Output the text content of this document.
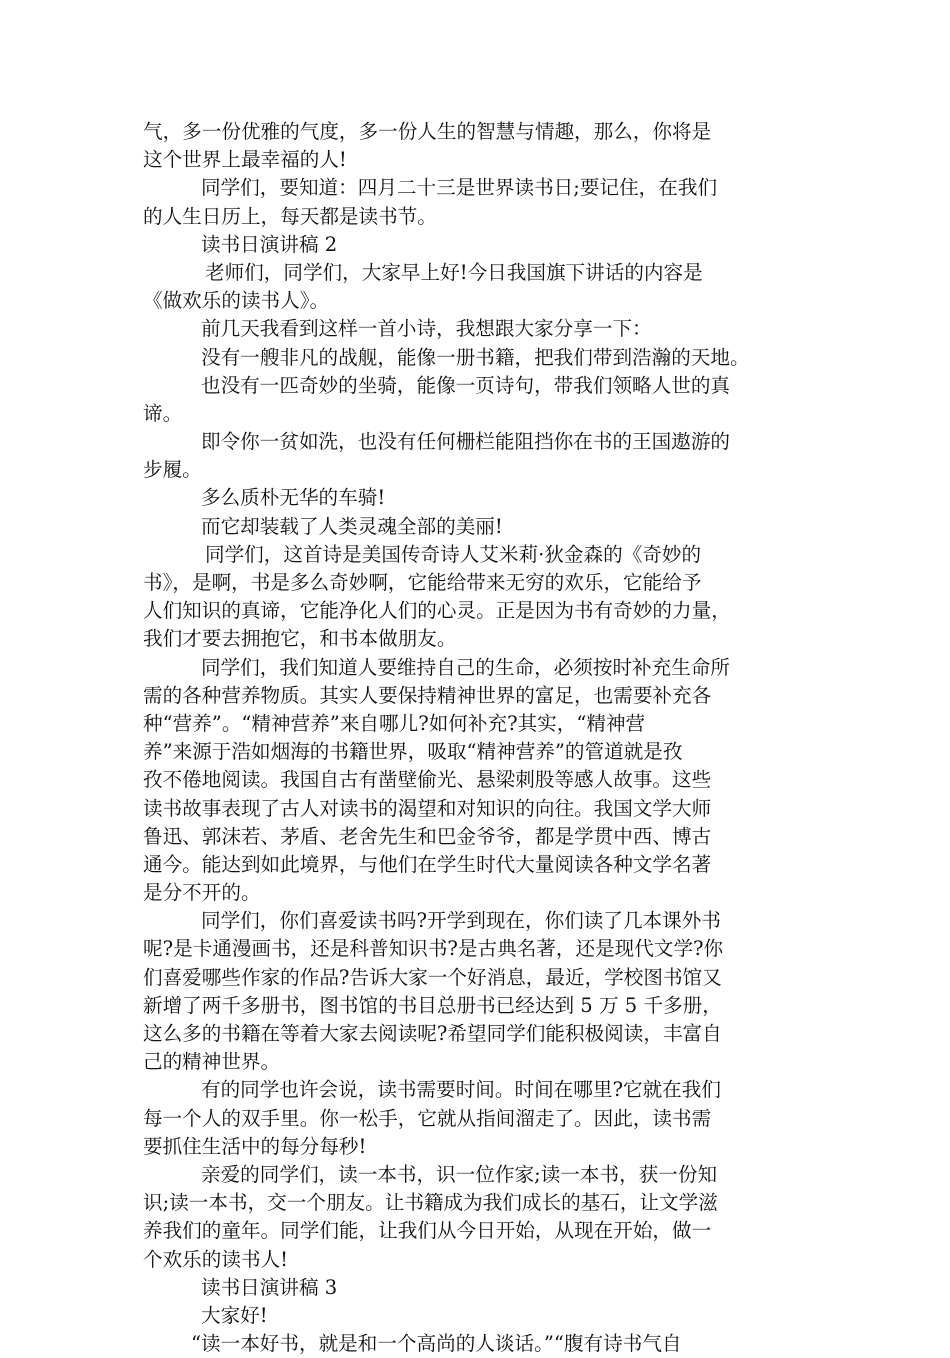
气，多一份优雅的气度，多一份人生的智慧与情趣，那么，你将是
这个世界上最幸福的人!
同学们，要知道：四月二十三是世界读书日;要记住，在我们
的人生日历上，每天都是读书节。
读书日演讲稿 2
老师们，同学们，大家早上好!今日我国旗下讲话的内容是
《做欢乐的读书人》。
前几天我看到这样一首小诗，我想跟大家分享一下：
没有一艘非凡的战舰，能像一册书籍，把我们带到浩瀚的天地。
也没有一匹奇妙的坐骑，能像一页诗句，带我们领略人世的真
谛。
即令你一贫如洗，也没有任何栅栏能阻挡你在书的王国遨游的
步履。
多么质朴无华的车骑!
而它却装载了人类灵魂全部的美丽!
同学们，这首诗是美国传奇诗人艾米莉·狄金森的《奇妙的
书》，是啊，书是多么奇妙啊，它能给带来无穷的欢乐，它能给予
人们知识的真谛，它能净化人们的心灵。正是因为书有奇妙的力量，
我们才要去拥抱它，和书本做朋友。
同学们，我们知道人要维持自己的生命，必须按时补充生命所
需的各种营养物质。其实人要保持精神世界的富足，也需要补充各
种“营养”。“精神营养”来自哪儿?如何补充?其实，“精神营
养”来源于浩如烟海的书籍世界，吸取“精神营养”的管道就是孜
孜不倦地阅读。我国自古有凿壁偷光、悬梁刺股等感人故事。这些
读书故事表现了古人对读书的渴望和对知识的向往。我国文学大师
鲁迅、郭沫若、茅盾、老舍先生和巴金爷爷，都是学贯中西、博古
通今。能达到如此境界，与他们在学生时代大量阅读各种文学名著
是分不开的。
同学们，你们喜爱读书吗?开学到现在，你们读了几本课外书
呢?是卡通漫画书，还是科普知识书?是古典名著，还是现代文学?你
们喜爱哪些作家的作品?告诉大家一个好消息，最近，学校图书馆又
新增了两千多册书，图书馆的书目总册书已经达到 5 万 5 千多册，
这么多的书籍在等着大家去阅读呢?希望同学们能积极阅读，丰富自
己的精神世界。
有的同学也许会说，读书需要时间。时间在哪里?它就在我们
每一个人的双手里。你一松手，它就从指间溜走了。因此，读书需
要抓住生活中的每分每秒!
亲爱的同学们，读一本书，识一位作家;读一本书，获一份知
识;读一本书，交一个朋友。让书籍成为我们成长的基石，让文学滋
养我们的童年。同学们能，让我们从今日开始，从现在开始，做一
个欢乐的读书人!
读书日演讲稿 3
大家好!
“读一本好书，就是和一个高尚的人谈话。”“腹有诗书气自
